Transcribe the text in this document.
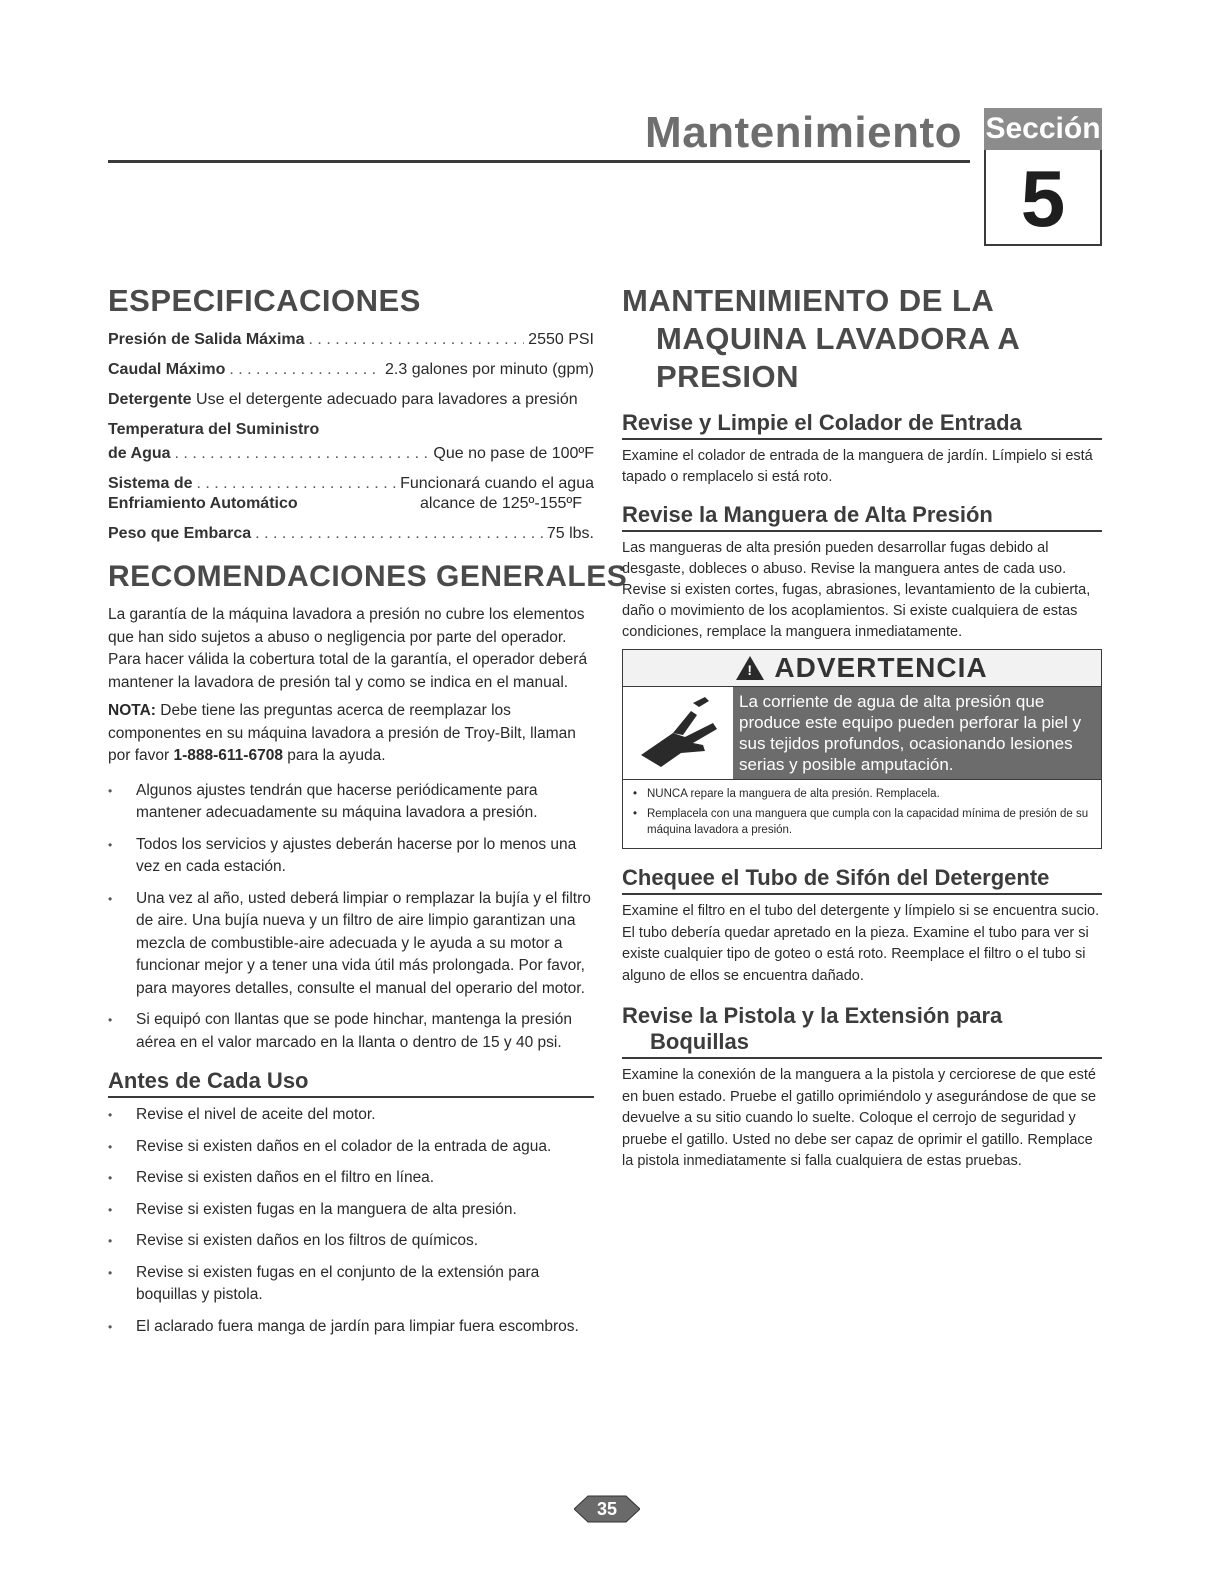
Mantenimiento Sección
5
ESPECIFICACIONES
Presión de Salida Máxima . . .	2550 PSI
Caudal Máximo . . .	2.3 galones por minuto (gpm)
Detergente Use el detergente adecuado para lavadores a presión
Temperatura del Suministro
de Agua . . .	Que no pase de 100ºF
Sistema de . . .	Funcionará cuando el agua
Enfriamiento Automático	alcance de 125º-155ºF
Peso que Embarca . . .	75 lbs.
RECOMENDACIONES GENERALES

La garantía de la máquina lavadora a presión no cubre los elementos que han sido sujetos a abuso o negligencia por parte del operador. Para hacer válida la cobertura total de la garantía, el operador deberá mantener la lavadora de presión tal y como se indica en el manual.

NOTA: Debe tiene las preguntas acerca de reemplazar los componentes en su máquina lavadora a presión de Troy-Bilt, llaman por favor 1-888-611-6708 para la ayuda.

• Algunos ajustes tendrán que hacerse periódicamente para mantener adecuadamente su máquina lavadora a presión.
• Todos los servicios y ajustes deberán hacerse por lo menos una vez en cada estación.
• Una vez al año, usted deberá limpiar o remplazar la bujía y el filtro de aire. Una bujía nueva y un filtro de aire limpio garantizan una mezcla de combustible-aire adecuada y le ayuda a su motor a funcionar mejor y a tener una vida útil más prolongada. Por favor, para mayores detalles, consulte el manual del operario del motor.
• Si equipó con llantas que se pode hinchar, mantenga la presión aérea en el valor marcado en la llanta o dentro de 15 y 40 psi.
Antes de Cada Uso
• Revise el nivel de aceite del motor.
• Revise si existen daños en el colador de la entrada de agua.
• Revise si existen daños en el filtro en línea.
• Revise si existen fugas en la manguera de alta presión.
• Revise si existen daños en los filtros de químicos.
• Revise si existen fugas en el conjunto de la extensión para boquillas y pistola.
• El aclarado fuera manga de jardín para limpiar fuera escombros.
MANTENIMIENTO DE LA
MAQUINA LAVADORA A
PRESION
Revise y Limpie el Colador de Entrada

Examine el colador de entrada de la manguera de jardín. Límpielo si está tapado o remplacelo si está roto.

Revise la Manguera de Alta Presión

Las mangueras de alta presión pueden desarrollar fugas debido al desgaste, dobleces o abuso. Revise la manguera antes de cada uso. Revise si existen cortes, fugas, abrasiones, levantamiento de la cubierta, daño o movimiento de los acoplamientos. Si existe cualquiera de estas condiciones, remplace la manguera inmediatamente.

! ADVERTENCIA
La corriente de agua de alta presión que produce este equipo pueden perforar la piel y sus tejidos profundos, ocasionando lesiones serias y posible amputación.
• NUNCA repare la manguera de alta presión. Remplacela.
• Remplacela con una manguera que cumpla con la capacidad mínima de presión de su máquina lavadora a presión.
Chequee el Tubo de Sifón del Detergente

Examine el filtro en el tubo del detergente y límpielo si se encuentra sucio. El tubo debería quedar apretado en la pieza. Examine el tubo para ver si existe cualquier tipo de goteo o está roto. Reemplace el filtro o el tubo si alguno de ellos se encuentra dañado.

Revise la Pistola y la Extensión para
Boquillas

Examine la conexión de la manguera a la pistola y cerciorese de que esté en buen estado. Pruebe el gatillo oprimiéndolo y asegurándose de que se devuelve a su sitio cuando lo suelte. Coloque el cerrojo de seguridad y pruebe el gatillo. Usted no debe ser capaz de oprimir el gatillo. Remplace la pistola inmediatamente si falla cualquiera de estas pruebas.

35
